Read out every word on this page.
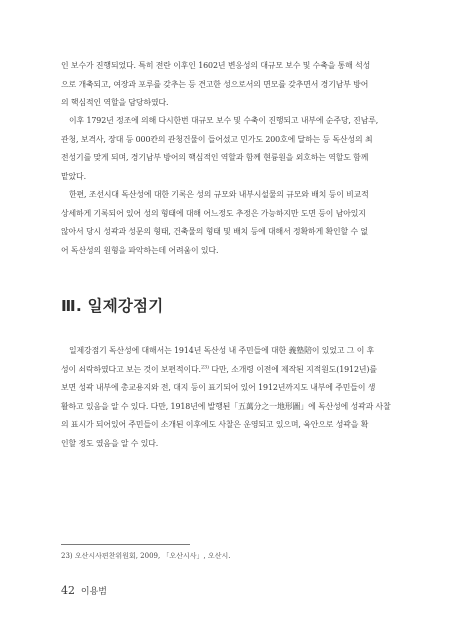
인 보수가 진행되었다. 특히 전란 이후인 1602년 변응성의 대규모 보수 및 수축을 통해 석성
으로 개축되고, 여장과 포루를 갖추는 등 견고한 성으로서의 면모를 갖추면서 경기남부 방어
의 핵심적인 역할을 담당하였다.
이후 1792년 정조에 의해 다시한번 대규모 보수 및 수축이 진행되고 내부에 순주당, 진남루,
관청, 보격사, 장대 등 000칸의 관청건물이 들어섰고 민가도 200호에 달하는 등 독산성의 최
전성기를 맞게 되며, 경기남부 방어의 핵심적인 역할과 함께 현륭원을 외호하는 역할도 함께
맡았다.
한편, 조선시대 독산성에 대한 기록은 성의 규모와 내부시설물의 규모와 배치 등이 비교적
상세하게 기록되어 있어 성의 형태에 대해 어느정도 추정은 가능하지만 도면 등이 남아있지
않아서 당시 성곽과 성문의 형태, 건축물의 형태 및 배치 등에 대해서 정확하게 확인할 수 없
어 독산성의 원형을 파악하는데 어려움이 있다.
Ⅲ. 일제강점기
일제강점기 독산성에 대해서는 1914년 독산성 내 주민들에 대한 義塾陪이 있었고 그 이 후
성이 쇠락하였다고 보는 것이 보편적이다.$^{23)}$ 다만, 소개령 이전에 제작된 지적원도(1912년)를
보면 성곽 내부에 총교용지와 전, 대지 등이 표기되어 있어 1912년까지도 내부에 주민들이 생
활하고 있음을 알 수 있다. 다만, 1918년에 발행된「五萬分之一地形圖」에 독산성에 성곽과 사찰
의 표시가 되어있어 주민들이 소개된 이후에도 사찰은 운영되고 있으며, 육안으로 성곽을 확
인할 정도 였음을 알 수 있다.

23) 오산시사편찬위원회, 2009, 「오산시사」, 오산시.

42 이용범
